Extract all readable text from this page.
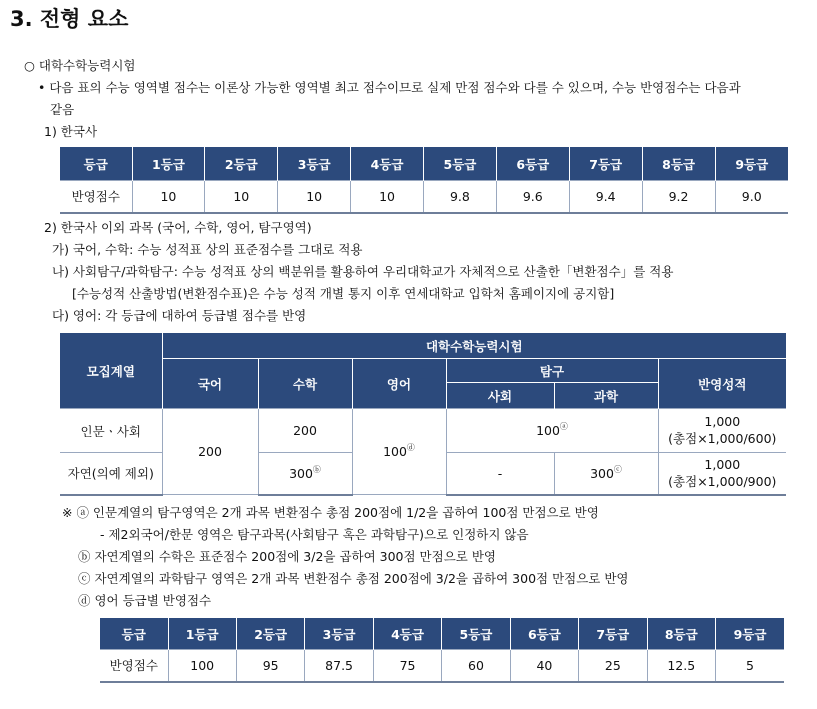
3. 전형 요소
○ 대학수학능력시험
• 다음 표의 수능 영역별 점수는 이론상 가능한 영역별 최고 점수이므로 실제 만점 점수와 다를 수 있으며, 수능 반영점수는 다음과
같음
1) 한국사
등급	1등급	2등급	3등급	4등급	5등급	6등급	7등급	8등급	9등급
반영점수	10	10	10	10	9.8	9.6	9.4	9.2	9.0
2) 한국사 이외 과목 (국어, 수학, 영어, 탐구영역)
가) 국어, 수학: 수능 성적표 상의 표준점수를 그대로 적용
나) 사회탐구/과학탐구: 수능 성적표 상의 백분위를 활용하여 우리대학교가 자체적으로 산출한「변환점수」를 적용
[수능성적 산출방법(변환점수표)은 수능 성적 개별 통지 이후 연세대학교 입학처 홈페이지에 공지함]
다) 영어: 각 등급에 대하여 등급별 점수를 반영
모집계열	대학수학능력시험					
	국어	수학	영어	탐구		반영성적
				사회	과학	
인문ㆍ사회	200	200	100ⓓ	100ⓐ		1,000
(총점×1,000/600)

자연(의예 제외)		300ⓑ		-	300ⓒ	1,000
(총점×1,000/900)
※ ⓐ 인문계열의 탐구영역은 2개 과목 변환점수 총점 200점에 1/2을 곱하여 100점 만점으로 반영
- 제2외국어/한문 영역은 탐구과목(사회탐구 혹은 과학탐구)으로 인정하지 않음
ⓑ 자연계열의 수학은 표준점수 200점에 3/2을 곱하여 300점 만점으로 반영
ⓒ 자연계열의 과학탐구 영역은 2개 과목 변환점수 총점 200점에 3/2을 곱하여 300점 만점으로 반영
ⓓ 영어 등급별 반영점수
등급	1등급	2등급	3등급	4등급	5등급	6등급	7등급	8등급	9등급
반영점수	100	95	87.5	75	60	40	25	12.5	5
